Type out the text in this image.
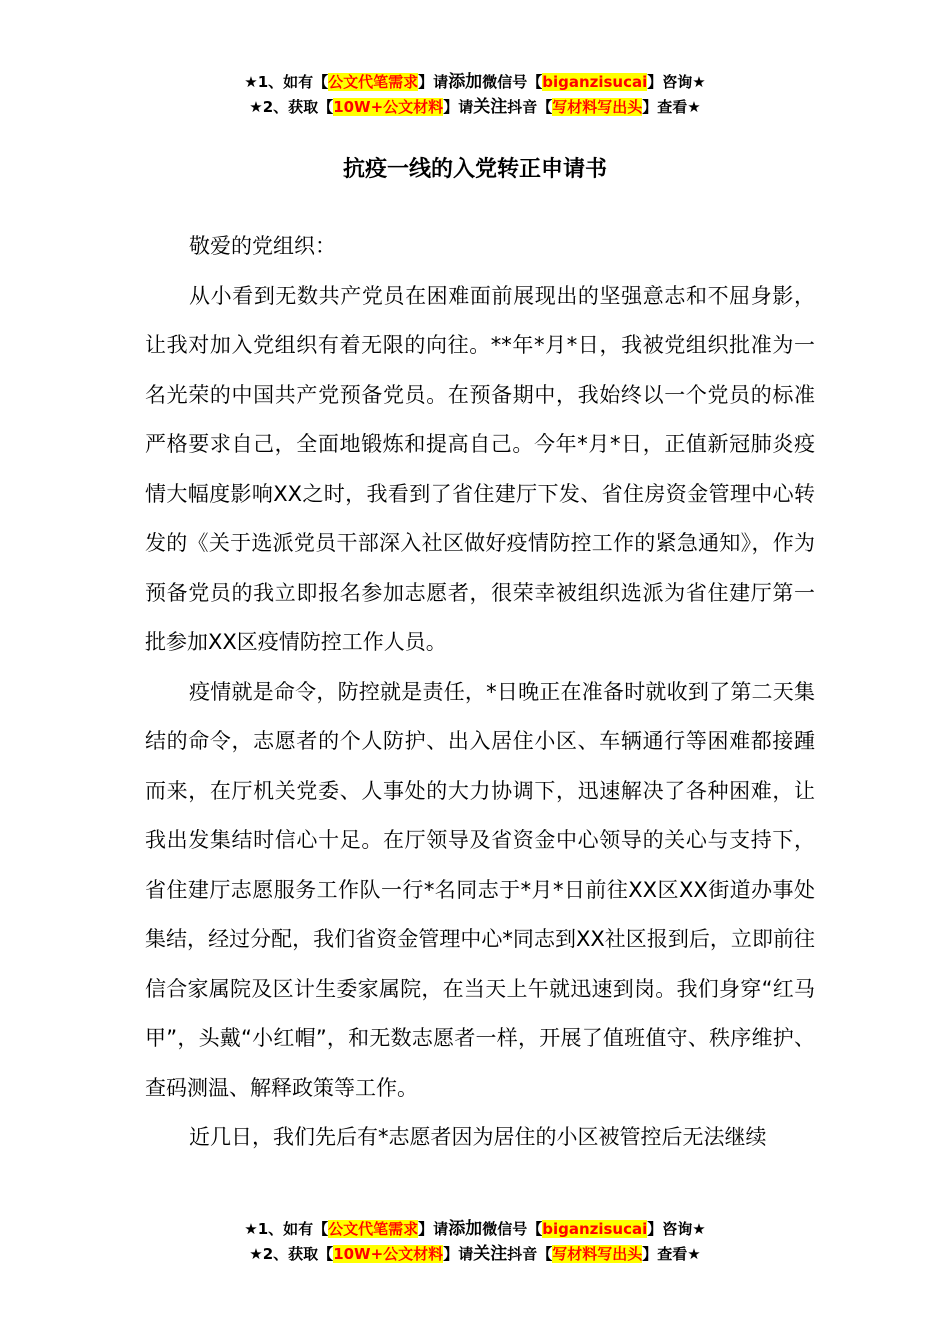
★1、如有【公文代笔需求】请添加微信号【biganzisucai】咨询★
★2、获取【10W+公文材料】请关注抖音【写材料写出头】查看★
抗疫一线的入党转正申请书

敬爱的党组织：

从小看到无数共产党员在困难面前展现出的坚强意志和不屈身影，让我对加入党组织有着无限的向往。**年*月*日，我被党组织批准为一名光荣的中国共产党预备党员。在预备期中，我始终以一个党员的标准严格要求自己，全面地锻炼和提高自己。今年*月*日，正值新冠肺炎疫情大幅度影响XX之时，我看到了省住建厅下发、省住房资金管理中心转发的《关于选派党员干部深入社区做好疫情防控工作的紧急通知》，作为预备党员的我立即报名参加志愿者，很荣幸被组织选派为省住建厅第一批参加XX区疫情防控工作人员。

疫情就是命令，防控就是责任，*日晚正在准备时就收到了第二天集结的命令，志愿者的个人防护、出入居住小区、车辆通行等困难都接踵而来，在厅机关党委、人事处的大力协调下，迅速解决了各种困难，让我出发集结时信心十足。在厅领导及省资金中心领导的关心与支持下，省住建厅志愿服务工作队一行*名同志于*月*日前往XX区XX街道办事处集结，经过分配，我们省资金管理中心*同志到XX社区报到后，立即前往信合家属院及区计生委家属院，在当天上午就迅速到岗。我们身穿“红马甲”，头戴“小红帽”，和无数志愿者一样，开展了值班值守、秩序维护、查码测温、解释政策等工作。

近几日，我们先后有*志愿者因为居住的小区被管控后无法继续

★1、如有【公文代笔需求】请添加微信号【biganzisucai】咨询★
★2、获取【10W+公文材料】请关注抖音【写材料写出头】查看★
